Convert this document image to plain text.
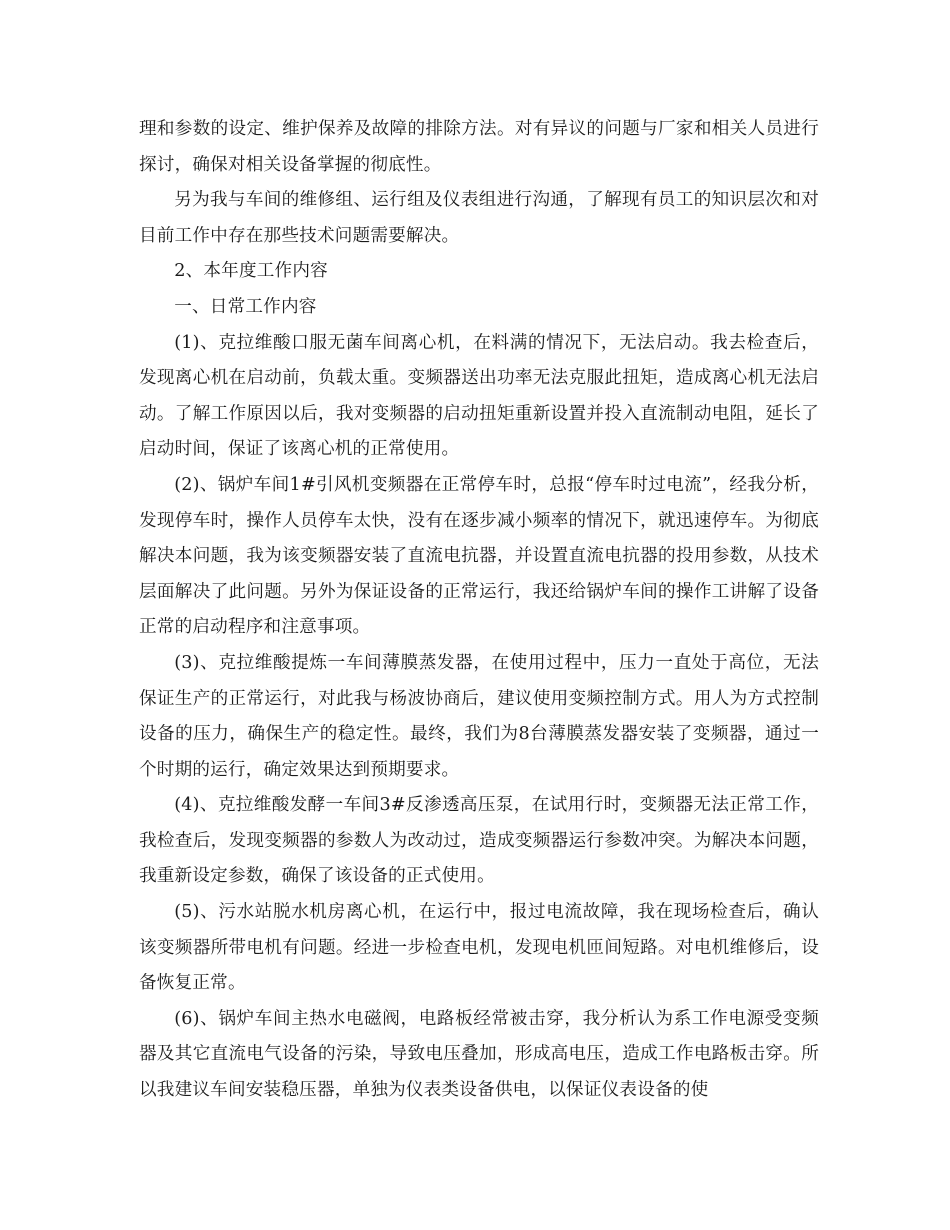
理和参数的设定、维护保养及故障的排除方法。对有异议的问题与厂家和相关人员进行探讨，确保对相关设备掌握的彻底性。

另为我与车间的维修组、运行组及仪表组进行沟通，了解现有员工的知识层次和对目前工作中存在那些技术问题需要解决。

2、本年度工作内容

一、日常工作内容

(1)、克拉维酸口服无菌车间离心机，在料满的情况下，无法启动。我去检查后，发现离心机在启动前，负载太重。变频器送出功率无法克服此扭矩，造成离心机无法启动。了解工作原因以后，我对变频器的启动扭矩重新设置并投入直流制动电阻，延长了启动时间，保证了该离心机的正常使用。

(2)、锅炉车间1#引风机变频器在正常停车时，总报“停车时过电流”，经我分析，发现停车时，操作人员停车太快，没有在逐步减小频率的情况下，就迅速停车。为彻底解决本问题，我为该变频器安装了直流电抗器，并设置直流电抗器的投用参数，从技术层面解决了此问题。另外为保证设备的正常运行，我还给锅炉车间的操作工讲解了设备正常的启动程序和注意事项。

(3)、克拉维酸提炼一车间薄膜蒸发器，在使用过程中，压力一直处于高位，无法保证生产的正常运行，对此我与杨波协商后，建议使用变频控制方式。用人为方式控制设备的压力，确保生产的稳定性。最终，我们为8台薄膜蒸发器安装了变频器，通过一个时期的运行，确定效果达到预期要求。

(4)、克拉维酸发酵一车间3#反渗透高压泵，在试用行时，变频器无法正常工作，我检查后，发现变频器的参数人为改动过，造成变频器运行参数冲突。为解决本问题，我重新设定参数，确保了该设备的正式使用。

(5)、污水站脱水机房离心机，在运行中，报过电流故障，我在现场检查后，确认该变频器所带电机有问题。经进一步检查电机，发现电机匝间短路。对电机维修后，设备恢复正常。

(6)、锅炉车间主热水电磁阀，电路板经常被击穿，我分析认为系工作电源受变频器及其它直流电气设备的污染，导致电压叠加，形成高电压，造成工作电路板击穿。所以我建议车间安装稳压器，单独为仪表类设备供电，以保证仪表设备的使
